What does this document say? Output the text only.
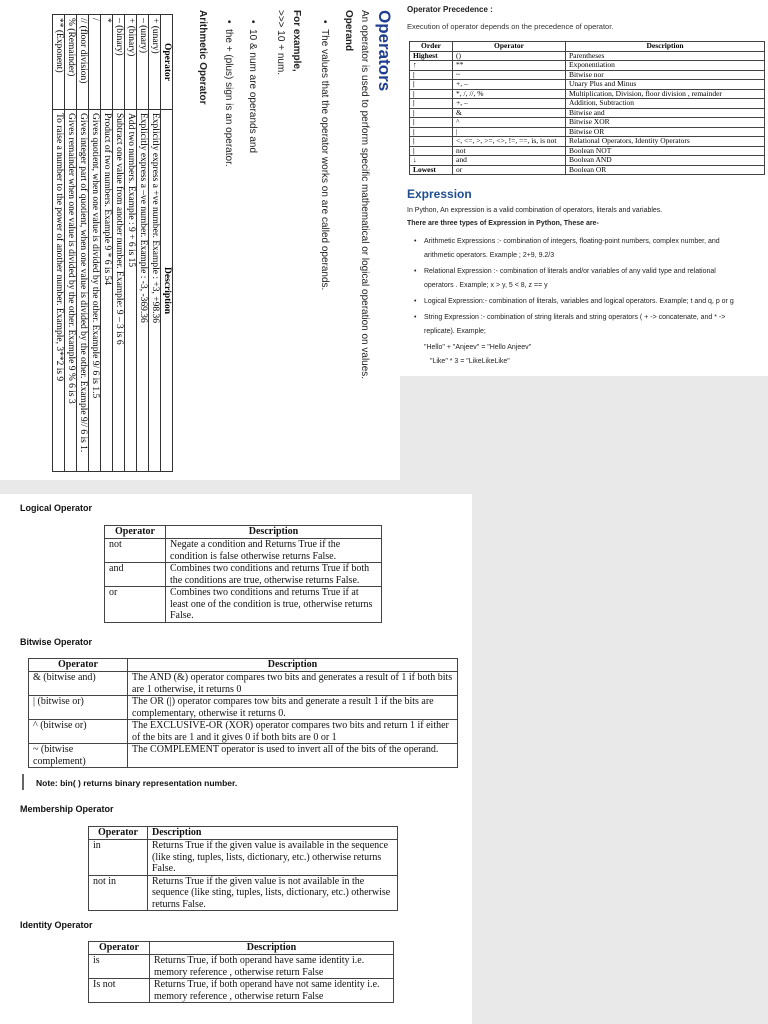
Operators

An operator is used to perform specific mathematical or logical operation on values.

Operand

•  The values that the operator works on are called operands.

For example,

>>> 10 + num.

•  10 & num are operands and

•  the + (plus) sign is an operator.

Arithmetic Operator

Operator	Description
+ (unary)	Explicitly express a +ve number. Example : +3, +98.36
– (unary)	Explicitly express a –ve number. Example : -3, -369.36
+ (binary)	Add two numbers. Example : 9 + 6 is 15
– (binary)	Subtract one value from another number. Example: 9 – 3 is 6
*	Product of two numbers. Example 9 * 6 is 54
/	Gives quotient, when one value is divided by the other. Example 9/ 6 is 1.5
// (floor division)	Gives integer part of quotient, when one value is divided by the other. Example 9// 6 is 1.
% (Remainder)	Gives remainder when one value is divided by the other. Example 9 % 6 is 3
** (Exponent)	To raise a number to the power of another number. Example, 3**2 is 9
Operator Precedence :
Execution of operator depends on the precedence of operator.
Order	Operator	Description
Highest	()	Parentheses
↑	**	Exponentiation
|	~	Bitwise nor
|	+, –	Unary Plus and Minus
|	*, /, //, %	Multiplication, Division, floor division , remainder
|	+, –	Addition, Subtraction
|	&	Bitwise and
|	^	Bitwise XOR
|	|	Bitwise OR
|	<, <=, >, >=, <>, !=, ==, is, is not	Relational Operators, Identity Operators
|	not	Boolean NOT
↓	and	Boolean AND
Lowest	or	Boolean OR
Expression
In Python, An expression is a valid combination of operators, literals and variables.
There are three types of Expression in Python, These are-
• Arithmetic Expressions :- combination of integers, floating-point numbers, complex number, and
arithmetic operators. Example ; 2+9, 9.2/3
• Relational Expression :- combination of literals and/or variables of any valid type and relational
operators . Example; x > y, 5 < 8, z == y
• Logical Expression:- combination of literals, variables and logical operators. Example; t and q, p or g
• String Expression :- combination of string literals and string operators ( + -> concatenate, and * ->
replicate). Example;
"Hello" + "Anjeev" = "Hello Anjeev"
"Like" * 3 = "LikeLikeLike"
Logical Operator
Operator	Description
not	Negate a condition and Returns True if the condition is false otherwise returns False.
and	Combines two conditions and returns True if both the conditions are true, otherwise returns False.
or	Combines two conditions and returns True if at least one of the condition is true, otherwise returns False.
Bitwise Operator
Operator	Description
& (bitwise and)	The AND (&) operator compares two bits and generates a result of 1 if both bits are 1 otherwise, it returns 0
| (bitwise or)	The OR (|) operator compares tow bits and generate a result 1 if the bits are complementary, otherwise it returns 0.
^ (bitwise or)	The EXCLUSIVE-OR (XOR) operator compares two bits and return 1 if either of the bits are 1 and it gives 0 if both bits are 0 or 1
~ (bitwise complement)	The COMPLEMENT operator is used to invert all of the bits of the operand.
Note: bin( ) returns binary representation number.
Membership Operator
Operator	Description
in	Returns True if the given value is available in the sequence (like sting, tuples, lists, dictionary, etc.) otherwise returns False.
not in	Returns True if the given value is not available in the sequence (like sting, tuples, lists, dictionary, etc.) otherwise returns False.
Identity Operator
Operator	Description
is	Returns True, if both operand have same identity i.e. memory reference , otherwise return False
Is not	Returns True, if both operand have not same identity i.e. memory reference , otherwise return False
